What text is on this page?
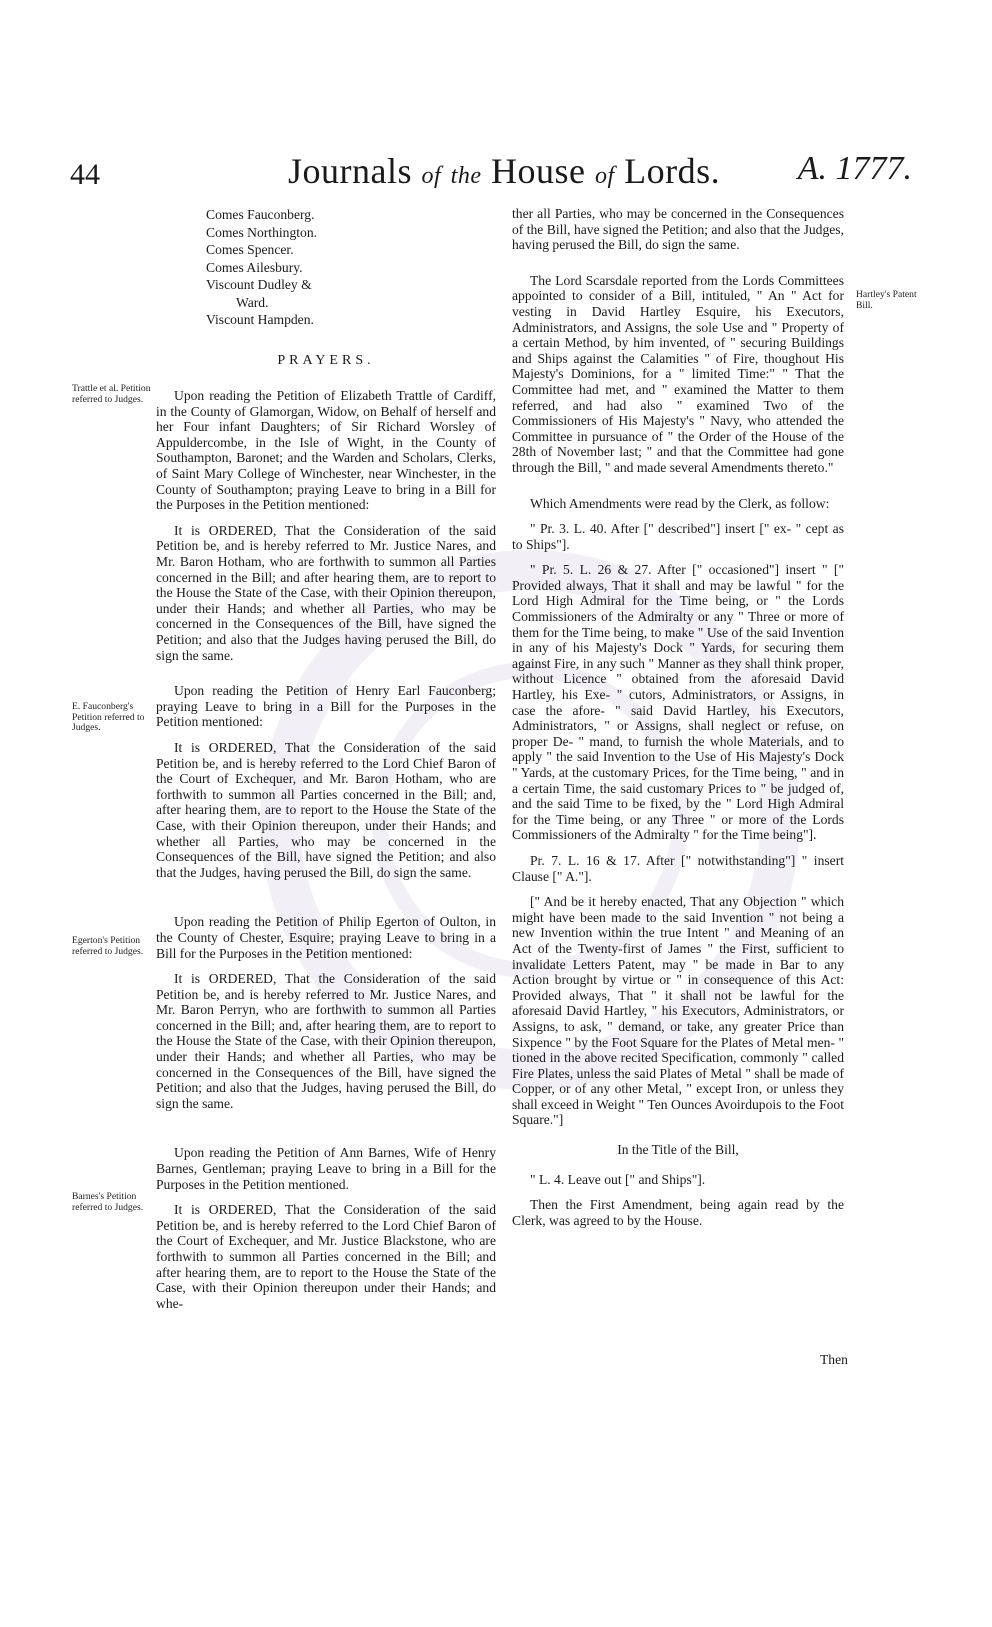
44	Journals of the House of Lords. A. 1777.
Trattle et al. Petition referred to Judges.
E. Fauconberg's Petition referred to Judges.
Egerton's Petition referred to Judges.
Barnes's Petition referred to Judges.
Hartley's Patent Bill.
Comes Fauconberg.
Comes Northington.
Comes Spencer.
Comes Ailesbury.
Viscount Dudley &
Ward.
Viscount Hampden.
PRAYERS.

Upon reading the Petition of Elizabeth Trattle of Cardiff, in the County of Glamorgan, Widow, on Behalf of herself and her Four infant Daughters; of Sir Richard Worsley of Appuldercombe, in the Isle of Wight, in the County of Southampton, Baronet; and the Warden and Scholars, Clerks, of Saint Mary College of Winchester, near Winchester, in the County of Southampton; praying Leave to bring in a Bill for the Purposes in the Petition mentioned:

It is ORDERED, That the Consideration of the said Petition be, and is hereby referred to Mr. Justice Nares, and Mr. Baron Hotham, who are forthwith to summon all Parties concerned in the Bill; and after hearing them, are to report to the House the State of the Case, with their Opinion thereupon, under their Hands; and whether all Parties, who may be concerned in the Consequences of the Bill, have signed the Petition; and also that the Judges having perused the Bill, do sign the same.

Upon reading the Petition of Henry Earl Fauconberg; praying Leave to bring in a Bill for the Purposes in the Petition mentioned:

It is ORDERED, That the Consideration of the said Petition be, and is hereby referred to the Lord Chief Baron of the Court of Exchequer, and Mr. Baron Hotham, who are forthwith to summon all Parties concerned in the Bill; and, after hearing them, are to report to the House the State of the Case, with their Opinion thereupon, under their Hands; and whether all Parties, who may be concerned in the Consequences of the Bill, have signed the Petition; and also that the Judges, having perused the Bill, do sign the same.

Upon reading the Petition of Philip Egerton of Oulton, in the County of Chester, Esquire; praying Leave to bring in a Bill for the Purposes in the Petition mentioned:

It is ORDERED, That the Consideration of the said Petition be, and is hereby referred to Mr. Justice Nares, and Mr. Baron Perryn, who are forthwith to summon all Parties concerned in the Bill; and, after hearing them, are to report to the House the State of the Case, with their Opinion thereupon, under their Hands; and whether all Parties, who may be concerned in the Consequences of the Bill, have signed the Petition; and also that the Judges, having perused the Bill, do sign the same.

Upon reading the Petition of Ann Barnes, Wife of Henry Barnes, Gentleman; praying Leave to bring in a Bill for the Purposes in the Petition mentioned.

It is ORDERED, That the Consideration of the said Petition be, and is hereby referred to the Lord Chief Baron of the Court of Exchequer, and Mr. Justice Blackstone, who are forthwith to summon all Parties concerned in the Bill; and after hearing them, are to report to the House the State of the Case, with their Opinion thereupon under their Hands; and whe-

ther all Parties, who may be concerned in the Consequences of the Bill, have signed the Petition; and also that the Judges, having perused the Bill, do sign the same.

The Lord Scarsdale reported from the Lords Committees appointed to consider of a Bill, intituled, " An " Act for vesting in David Hartley Esquire, his Executors, Administrators, and Assigns, the sole Use and " Property of a certain Method, by him invented, of " securing Buildings and Ships against the Calamities " of Fire, thoughout His Majesty's Dominions, for a " limited Time:" " That the Committee had met, and " examined the Matter to them referred, and had also " examined Two of the Commissioners of His Majesty's " Navy, who attended the Committee in pursuance of " the Order of the House of the 28th of November last; " and that the Committee had gone through the Bill, " and made several Amendments thereto."

Which Amendments were read by the Clerk, as follow:

" Pr. 3. L. 40. After [" described"] insert [" ex- " cept as to Ships"].

" Pr. 5. L. 26 & 27. After [" occasioned"] insert " [" Provided always, That it shall and may be lawful " for the Lord High Admiral for the Time being, or " the Lords Commissioners of the Admiralty or any " Three or more of them for the Time being, to make " Use of the said Invention in any of his Majesty's Dock " Yards, for securing them against Fire, in any such " Manner as they shall think proper, without Licence " obtained from the aforesaid David Hartley, his Exe- " cutors, Administrators, or Assigns, in case the afore- " said David Hartley, his Executors, Administrators, " or Assigns, shall neglect or refuse, on proper De- " mand, to furnish the whole Materials, and to apply " the said Invention to the Use of His Majesty's Dock " Yards, at the customary Prices, for the Time being, " and in a certain Time, the said customary Prices to " be judged of, and the said Time to be fixed, by the " Lord High Admiral for the Time being, or any Three " or more of the Lords Commissioners of the Admiralty " for the Time being"].

Pr. 7. L. 16 & 17. After [" notwithstanding"] " insert Clause [" A."].

[" And be it hereby enacted, That any Objection " which might have been made to the said Invention " not being a new Invention within the true Intent " and Meaning of an Act of the Twenty-first of James " the First, sufficient to invalidate Letters Patent, may " be made in Bar to any Action brought by virtue or " in consequence of this Act: Provided always, That " it shall not be lawful for the aforesaid David Hartley, " his Executors, Administrators, or Assigns, to ask, " demand, or take, any greater Price than Sixpence " by the Foot Square for the Plates of Metal men- " tioned in the above recited Specification, commonly " called Fire Plates, unless the said Plates of Metal " shall be made of Copper, or of any other Metal, " except Iron, or unless they shall exceed in Weight " Ten Ounces Avoirdupois to the Foot Square."]

In the Title of the Bill,

" L. 4. Leave out [" and Ships"].

Then the First Amendment, being again read by the Clerk, was agreed to by the House.

Then
